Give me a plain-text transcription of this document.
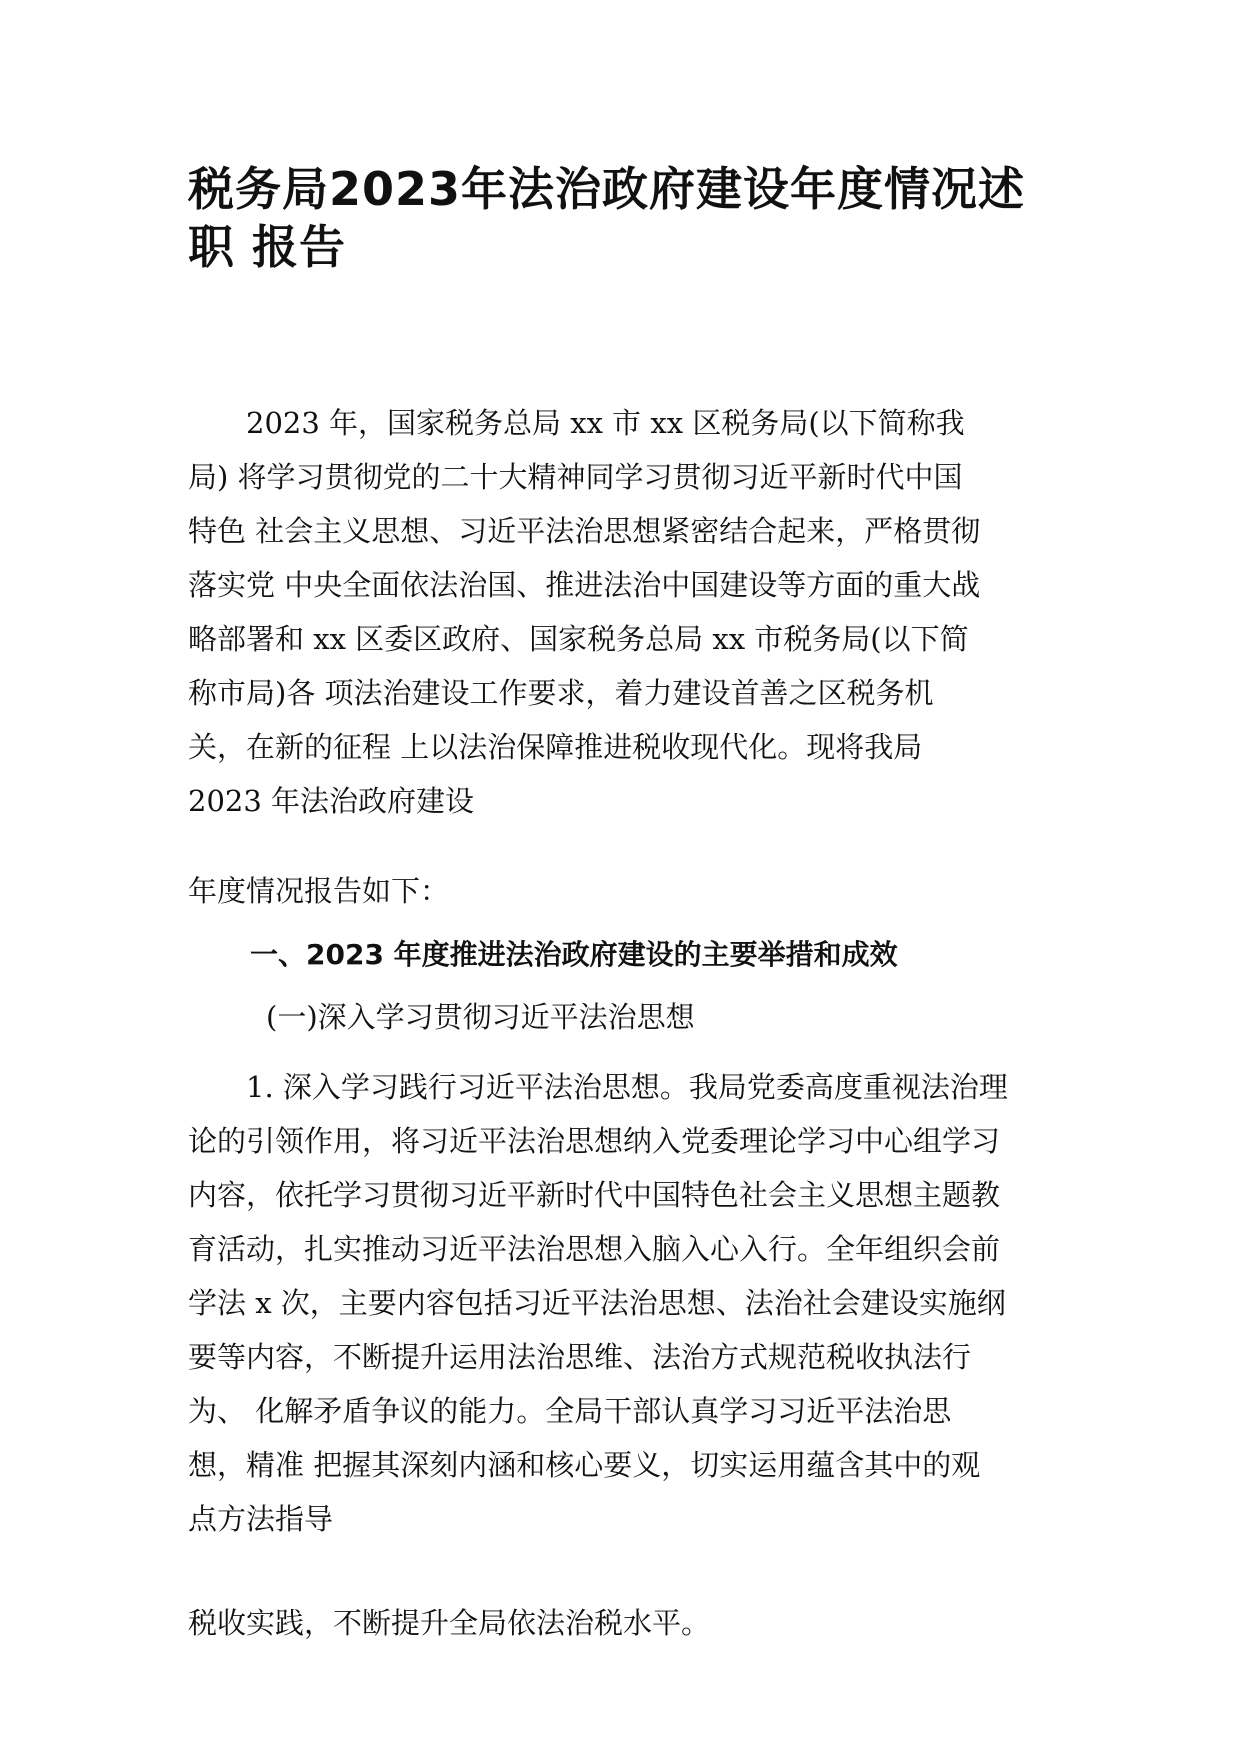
税务局2023年法治政府建设年度情况述
职 报告
　　2023 年，国家税务总局 xx 市 xx 区税务局(以下简称我
局) 将学习贯彻党的二十大精神同学习贯彻习近平新时代中国
特色 社会主义思想、习近平法治思想紧密结合起来，严格贯彻
落实党 中央全面依法治国、推进法治中国建设等方面的重大战
略部署和 xx 区委区政府、国家税务总局 xx 市税务局(以下简
称市局)各 项法治建设工作要求，着力建设首善之区税务机
关，在新的征程 上以法治保障推进税收现代化。现将我局
2023 年法治政府建设
年度情况报告如下：
一、2023 年度推进法治政府建设的主要举措和成效
(一)深入学习贯彻习近平法治思想
　　1. 深入学习践行习近平法治思想。我局党委高度重视法治理
论的引领作用，将习近平法治思想纳入党委理论学习中心组学习
内容，依托学习贯彻习近平新时代中国特色社会主义思想主题教
育活动，扎实推动习近平法治思想入脑入心入行。全年组织会前
学法 x 次，主要内容包括习近平法治思想、法治社会建设实施纲
要等内容，不断提升运用法治思维、法治方式规范税收执法行
为、 化解矛盾争议的能力。全局干部认真学习习近平法治思
想，精准 把握其深刻内涵和核心要义，切实运用蕴含其中的观
点方法指导
税收实践，不断提升全局依法治税水平。
